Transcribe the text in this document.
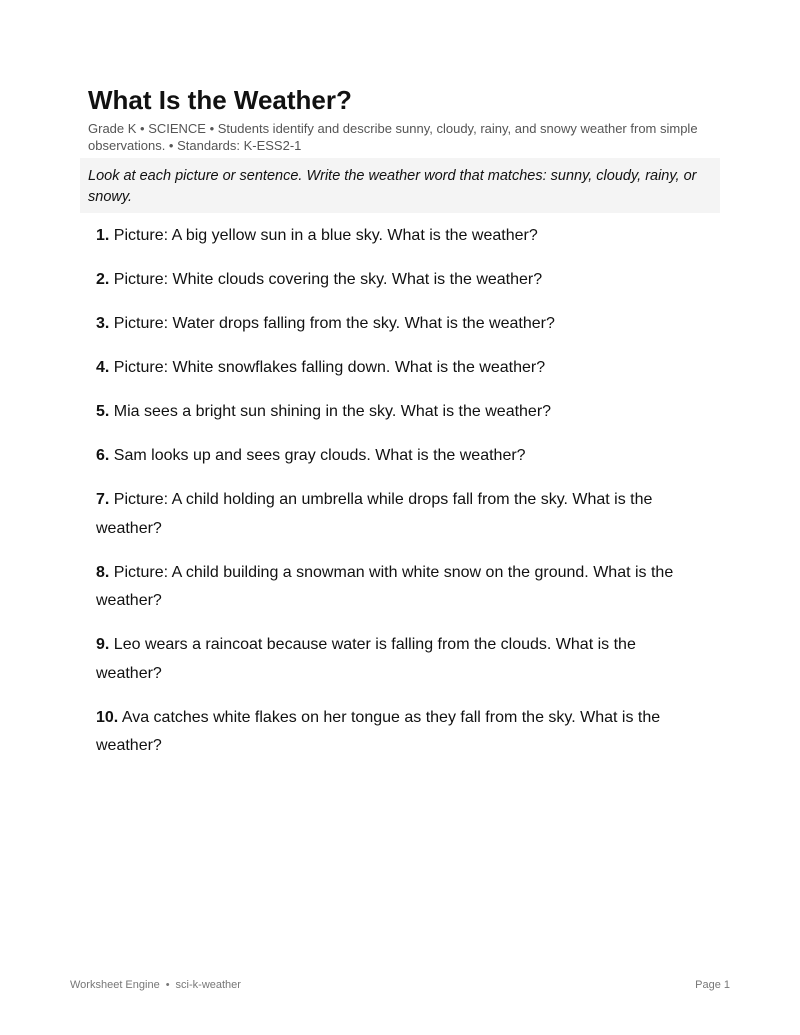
What Is the Weather?

Grade K • SCIENCE • Students identify and describe sunny, cloudy, rainy, and snowy weather from simple observations. • Standards: K-ESS2-1

Look at each picture or sentence. Write the weather word that matches: sunny, cloudy, rainy, or snowy.
1. Picture: A big yellow sun in a blue sky. What is the weather?
2. Picture: White clouds covering the sky. What is the weather?
3. Picture: Water drops falling from the sky. What is the weather?
4. Picture: White snowflakes falling down. What is the weather?
5. Mia sees a bright sun shining in the sky. What is the weather?
6. Sam looks up and sees gray clouds. What is the weather?
7. Picture: A child holding an umbrella while drops fall from the sky. What is the weather?
8. Picture: A child building a snowman with white snow on the ground. What is the weather?
9. Leo wears a raincoat because water is falling from the clouds. What is the weather?
10. Ava catches white flakes on her tongue as they fall from the sky. What is the weather?
Worksheet Engine • sci-k-weather	Page 1
